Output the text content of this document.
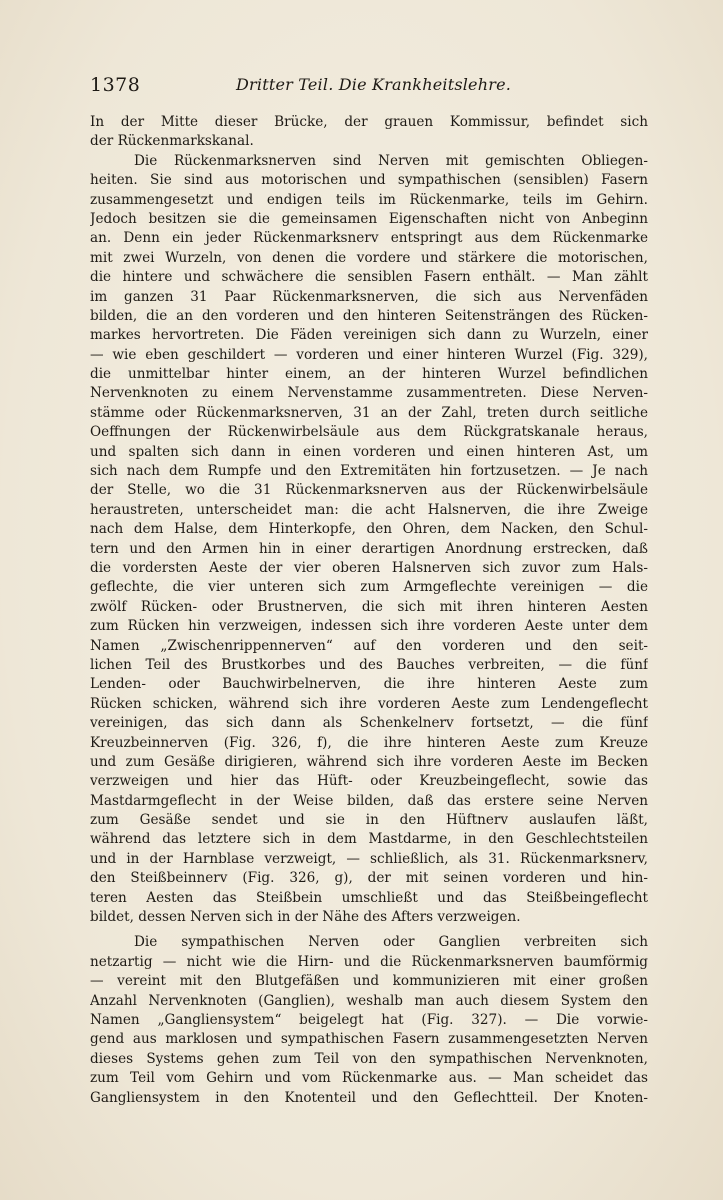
1378	Dritter Teil. Die Krankheitslehre.
In der Mitte dieser Brücke, der grauen Kommissur, befindet sich
der Rückenmarkskanal.
Die Rückenmarksnerven sind Nerven mit gemischten Obliegen-
heiten. Sie sind aus motorischen und sympathischen (sensiblen) Fasern
zusammengesetzt und endigen teils im Rückenmarke, teils im Gehirn.
Jedoch besitzen sie die gemeinsamen Eigenschaften nicht von Anbeginn
an. Denn ein jeder Rückenmarksnerv entspringt aus dem Rückenmarke
mit zwei Wurzeln, von denen die vordere und stärkere die motorischen,
die hintere und schwächere die sensiblen Fasern enthält. — Man zählt
im ganzen 31 Paar Rückenmarksnerven, die sich aus Nervenfäden
bilden, die an den vorderen und den hinteren Seitensträngen des Rücken-
markes hervortreten. Die Fäden vereinigen sich dann zu Wurzeln, einer
— wie eben geschildert — vorderen und einer hinteren Wurzel (Fig. 329),
die unmittelbar hinter einem, an der hinteren Wurzel befindlichen
Nervenknoten zu einem Nervenstamme zusammentreten. Diese Nerven-
stämme oder Rückenmarksnerven, 31 an der Zahl, treten durch seitliche
Oeffnungen der Rückenwirbelsäule aus dem Rückgratskanale heraus,
und spalten sich dann in einen vorderen und einen hinteren Ast, um
sich nach dem Rumpfe und den Extremitäten hin fortzusetzen. — Je nach
der Stelle, wo die 31 Rückenmarksnerven aus der Rückenwirbelsäule
heraustreten, unterscheidet man: die acht Halsnerven, die ihre Zweige
nach dem Halse, dem Hinterkopfe, den Ohren, dem Nacken, den Schul-
tern und den Armen hin in einer derartigen Anordnung erstrecken, daß
die vordersten Aeste der vier oberen Halsnerven sich zuvor zum Hals-
geflechte, die vier unteren sich zum Armgeflechte vereinigen — die
zwölf Rücken- oder Brustnerven, die sich mit ihren hinteren Aesten
zum Rücken hin verzweigen, indessen sich ihre vorderen Aeste unter dem
Namen „Zwischenrippennerven“ auf den vorderen und den seit-
lichen Teil des Brustkorbes und des Bauches verbreiten, — die fünf
Lenden- oder Bauchwirbelnerven, die ihre hinteren Aeste zum
Rücken schicken, während sich ihre vorderen Aeste zum Lendengeflecht
vereinigen, das sich dann als Schenkelnerv fortsetzt, — die fünf
Kreuzbeinnerven (Fig. 326, f), die ihre hinteren Aeste zum Kreuze
und zum Gesäße dirigieren, während sich ihre vorderen Aeste im Becken
verzweigen und hier das Hüft- oder Kreuzbeingeflecht, sowie das
Mastdarmgeflecht in der Weise bilden, daß das erstere seine Nerven
zum Gesäße sendet und sie in den Hüftnerv auslaufen läßt,
während das letztere sich in dem Mastdarme, in den Geschlechtsteilen
und in der Harnblase verzweigt, — schließlich, als 31. Rückenmarksnerv,
den Steißbeinnerv (Fig. 326, g), der mit seinen vorderen und hin-
teren Aesten das Steißbein umschließt und das Steißbeingeflecht
bildet, dessen Nerven sich in der Nähe des Afters verzweigen.
Die sympathischen Nerven oder Ganglien verbreiten sich
netzartig — nicht wie die Hirn- und die Rückenmarksnerven baumförmig
— vereint mit den Blutgefäßen und kommunizieren mit einer großen
Anzahl Nervenknoten (Ganglien), weshalb man auch diesem System den
Namen „Gangliensystem“ beigelegt hat (Fig. 327). — Die vorwie-
gend aus marklosen und sympathischen Fasern zusammengesetzten Nerven
dieses Systems gehen zum Teil von den sympathischen Nervenknoten,
zum Teil vom Gehirn und vom Rückenmarke aus. — Man scheidet das
Gangliensystem in den Knotenteil und den Geflechtteil. Der Knoten-
